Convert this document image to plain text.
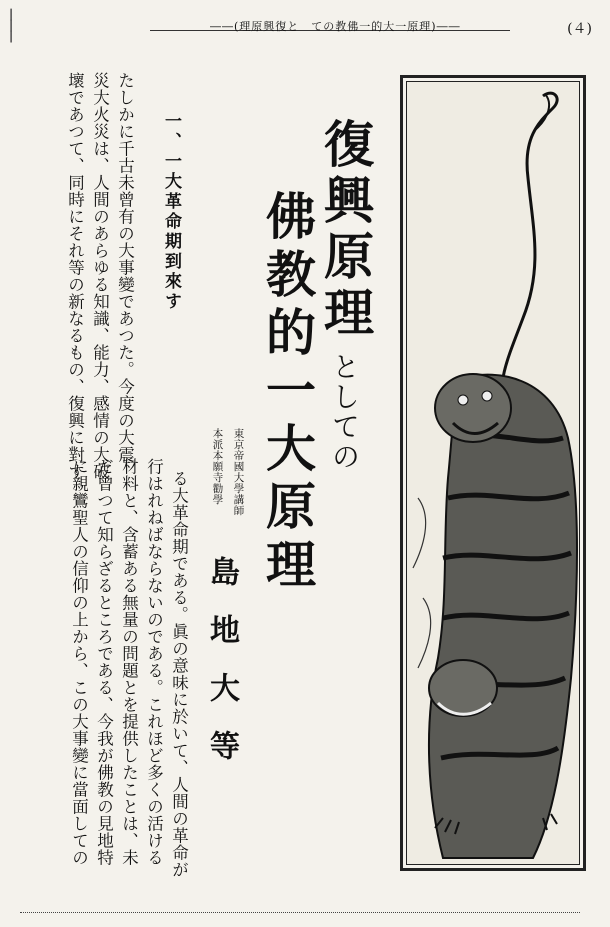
┃
┃
┃
――(理原興復と　ての教佛一的大一原理)――	(４)
復興原理
としての
佛教的一大原理
東京帝國大學講師
本派本願寺勸學
島地大等
一、一大革命期到來す
たしかに千古未曾有の大事變であつた。今度の大震
災大火災は、人間のあらゆる知識、能力、感情の大破
壞であつて、同時にそれ等の新なるもの、復興に對す
る大革命期である。眞の意味に於いて、人間の革命が
行はれねばならないのである。これほど多くの活ける
材料と、含蓄ある無量の問題とを提供したことは、未
だ曾つて知らざるところである、今我が佛教の見地特
に親鸞聖人の信仰の上から、この大事變に當面しての
